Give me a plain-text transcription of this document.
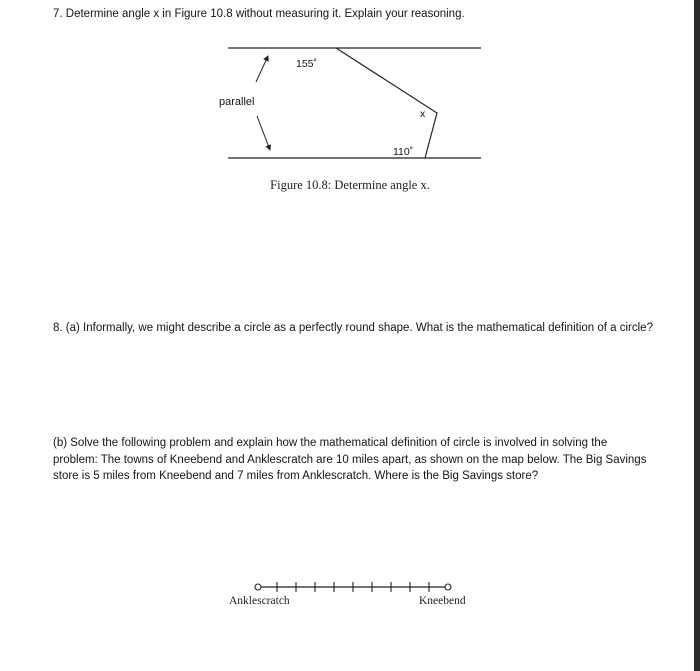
7. Determine angle x in Figure 10.8 without measuring it. Explain your reasoning.
155˚
parallel
x
110˚
Figure 10.8: Determine angle x.
8. (a) Informally, we might describe a circle as a perfectly round shape. What is the mathematical definition of a circle?
(b) Solve the following problem and explain how the mathematical definition of circle is involved in solving the problem: The towns of Kneebend and Anklescratch are 10 miles apart, as shown on the map below. The Big Savings store is 5 miles from Kneebend and 7 miles from Anklescratch. Where is the Big Savings store?
Anklescratch	Kneebend
